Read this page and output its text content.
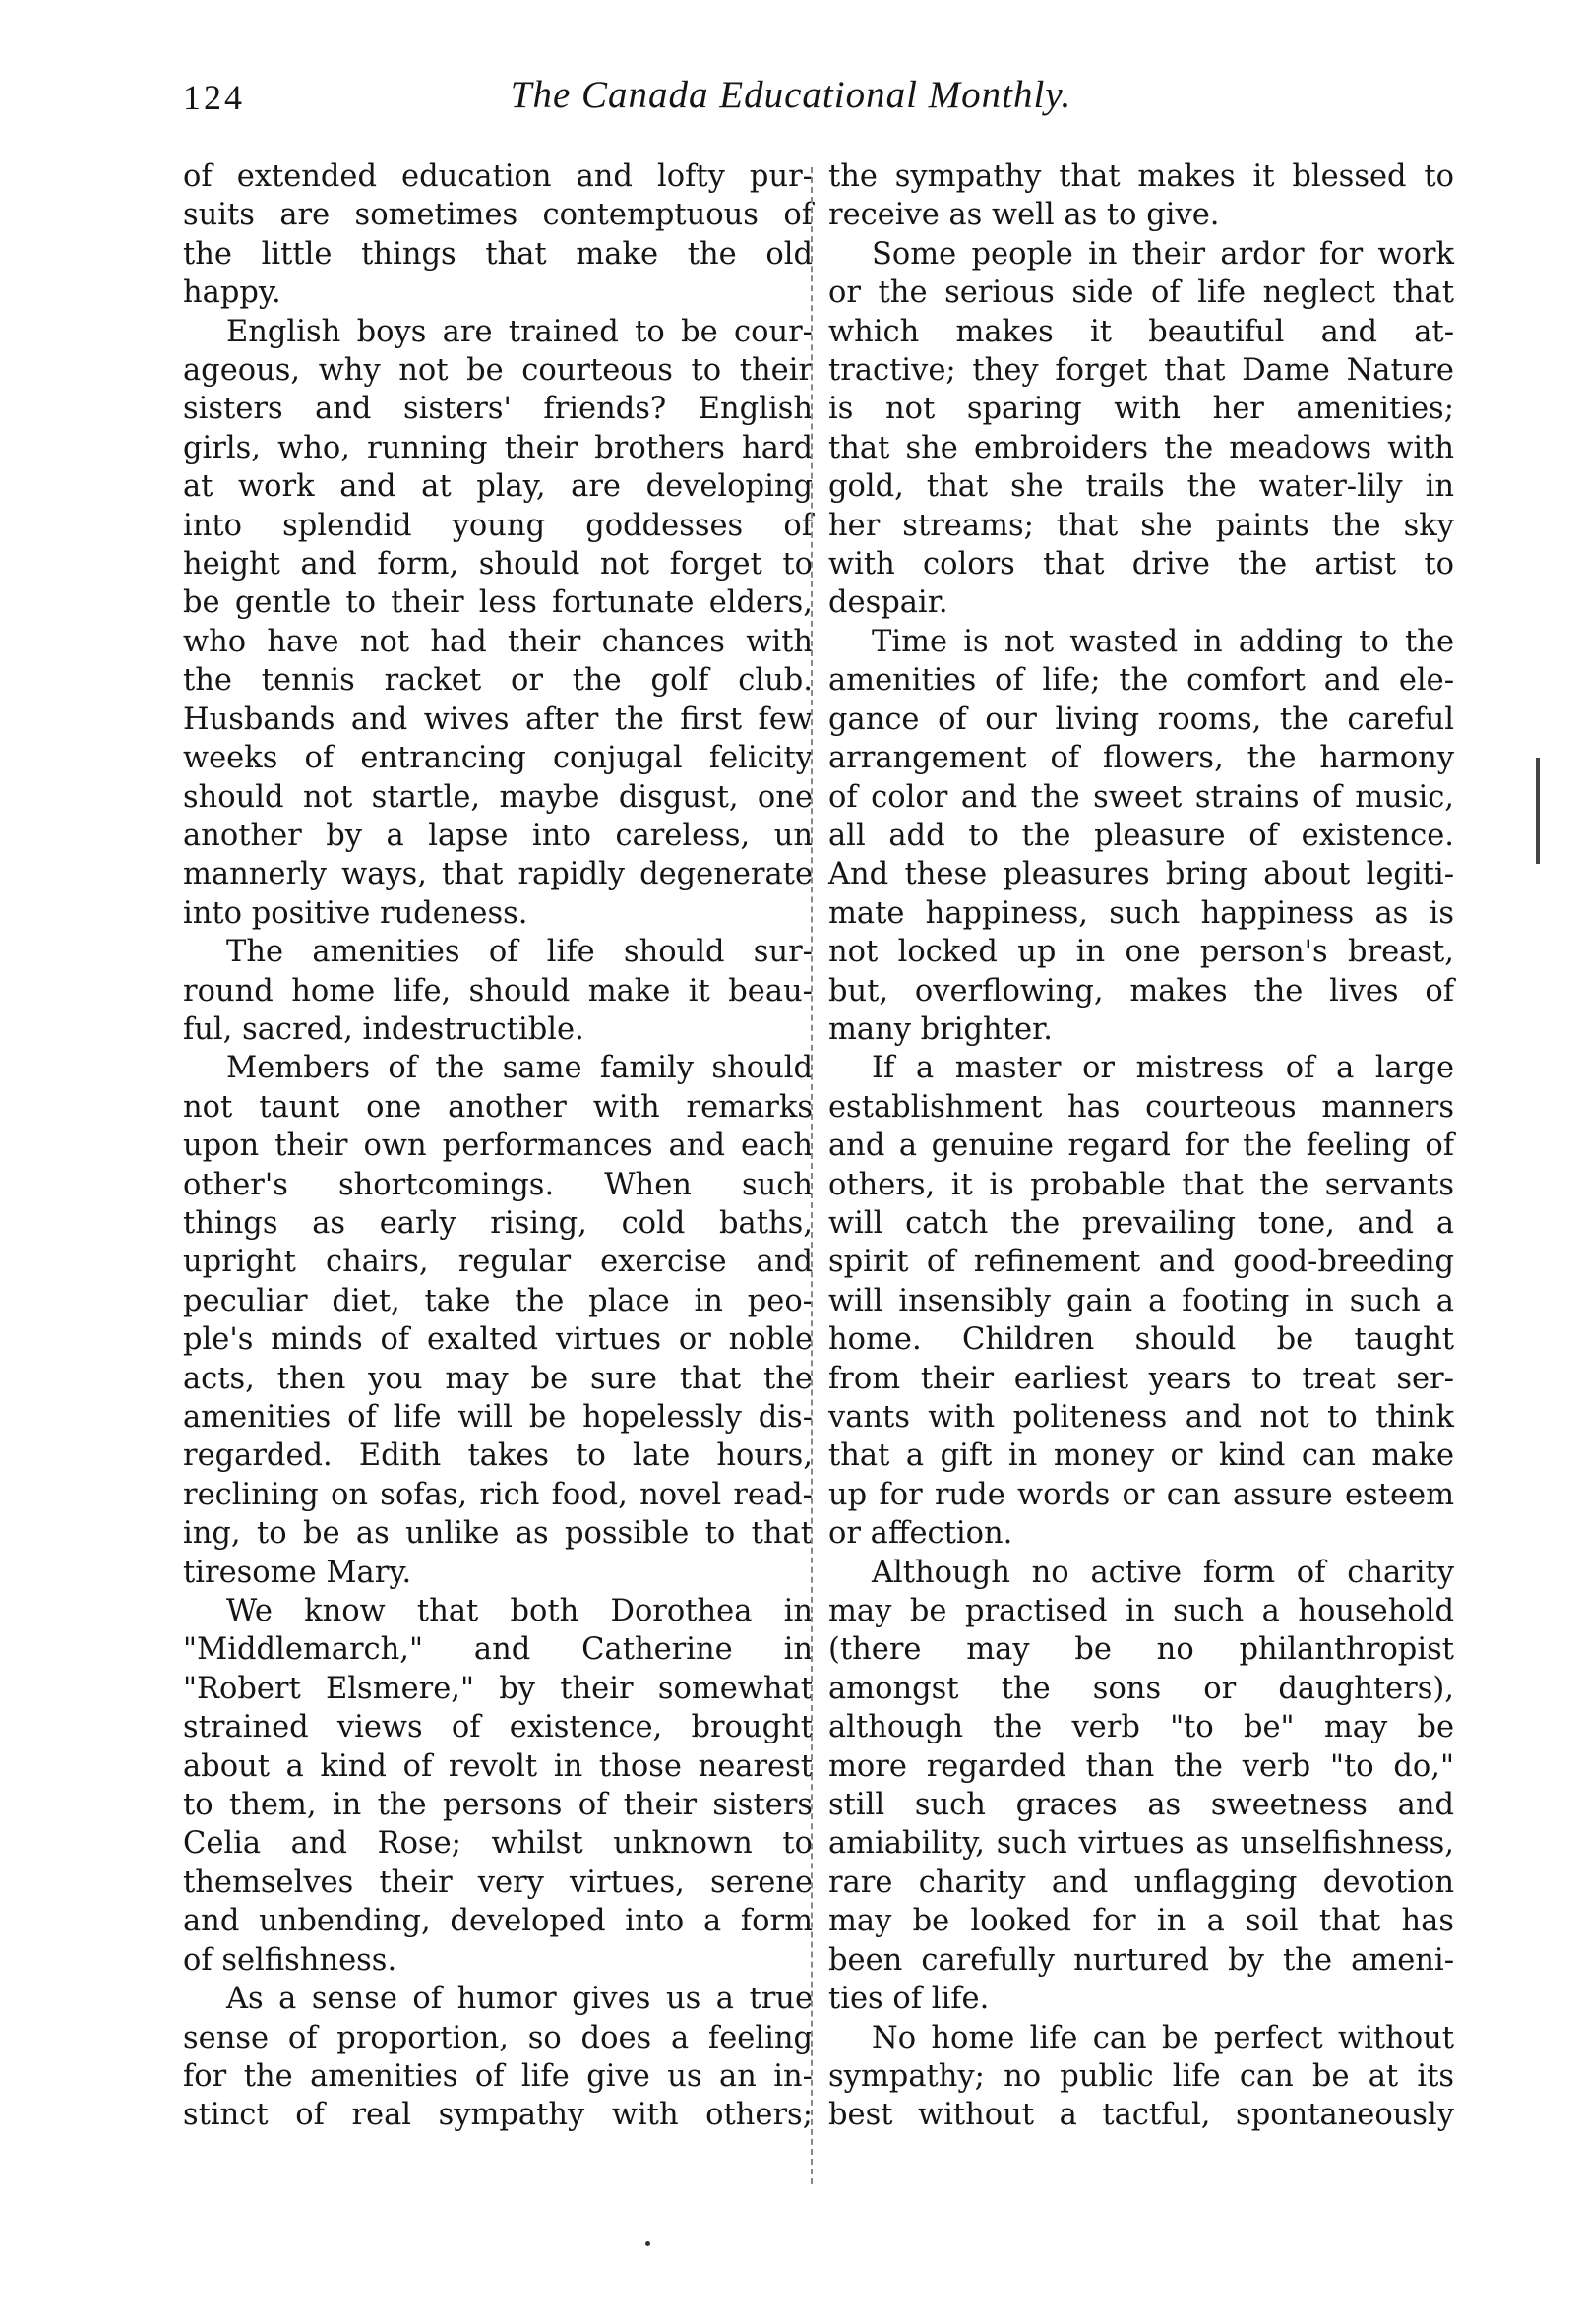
124	The Canada Educational Monthly.
of extended education and lofty pur-
suits are sometimes contemptuous of
the little things that make the old
happy.
English boys are trained to be cour-
ageous, why not be courteous to their
sisters and sisters' friends? English
girls, who, running their brothers hard
at work and at play, are developing
into splendid young goddesses of
height and form, should not forget to
be gentle to their less fortunate elders,
who have not had their chances with
the tennis racket or the golf club.
Husbands and wives after the first few
weeks of entrancing conjugal felicity
should not startle, maybe disgust, one
another by a lapse into careless, un
mannerly ways, that rapidly degenerate
into positive rudeness.
The amenities of life should sur-
round home life, should make it beau-
ful, sacred, indestructible.
Members of the same family should
not taunt one another with remarks
upon their own performances and each
other's shortcomings. When such
things as early rising, cold baths,
upright chairs, regular exercise and
peculiar diet, take the place in peo-
ple's minds of exalted virtues or noble
acts, then you may be sure that the
amenities of life will be hopelessly dis-
regarded. Edith takes to late hours,
reclining on sofas, rich food, novel read-
ing, to be as unlike as possible to that
tiresome Mary.
We know that both Dorothea in
"Middlemarch," and Catherine in
"Robert Elsmere," by their somewhat
strained views of existence, brought
about a kind of revolt in those nearest
to them, in the persons of their sisters
Celia and Rose; whilst unknown to
themselves their very virtues, serene
and unbending, developed into a form
of selfishness.
As a sense of humor gives us a true
sense of proportion, so does a feeling
for the amenities of life give us an in-
stinct of real sympathy with others;
the sympathy that makes it blessed to
receive as well as to give.
Some people in their ardor for work
or the serious side of life neglect that
which makes it beautiful and at-
tractive; they forget that Dame Nature
is not sparing with her amenities;
that she embroiders the meadows with
gold, that she trails the water-lily in
her streams; that she paints the sky
with colors that drive the artist to
despair.
Time is not wasted in adding to the
amenities of life; the comfort and ele-
gance of our living rooms, the careful
arrangement of flowers, the harmony
of color and the sweet strains of music,
all add to the pleasure of existence.
And these pleasures bring about legiti-
mate happiness, such happiness as is
not locked up in one person's breast,
but, overflowing, makes the lives of
many brighter.
If a master or mistress of a large
establishment has courteous manners
and a genuine regard for the feeling of
others, it is probable that the servants
will catch the prevailing tone, and a
spirit of refinement and good-breeding
will insensibly gain a footing in such a
home. Children should be taught
from their earliest years to treat ser-
vants with politeness and not to think
that a gift in money or kind can make
up for rude words or can assure esteem
or affection.
Although no active form of charity
may be practised in such a household
(there may be no philanthropist
amongst the sons or daughters),
although the verb "to be" may be
more regarded than the verb "to do,"
still such graces as sweetness and
amiability, such virtues as unselfishness,
rare charity and unflagging devotion
may be looked for in a soil that has
been carefully nurtured by the ameni-
ties of life.
No home life can be perfect without
sympathy; no public life can be at its
best without a tactful, spontaneously
